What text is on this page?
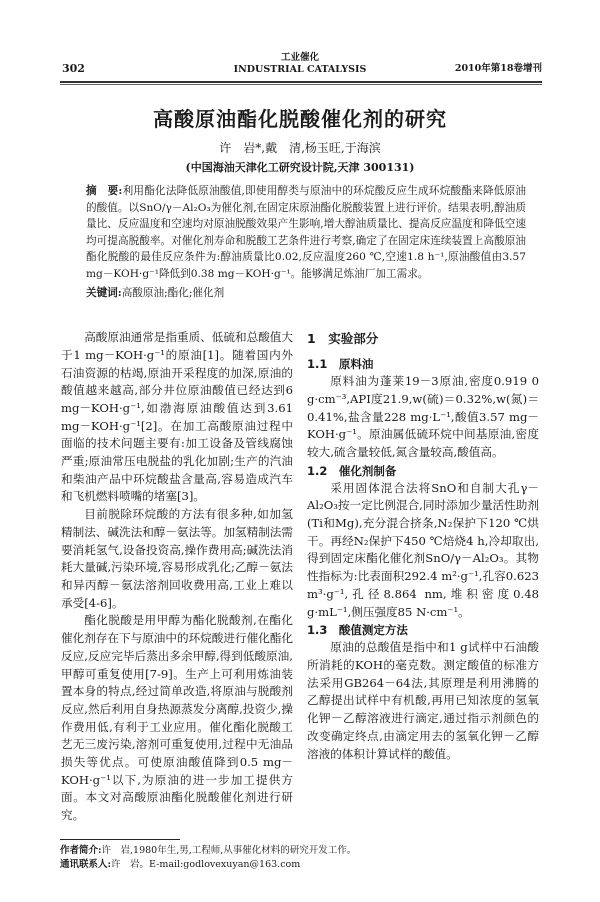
302
工业催化
INDUSTRIAL CATALYSIS	2010年第18卷增刊
高酸原油酯化脱酸催化剂的研究
许　岩*,戴　清,杨玉旺,于海滨
(中国海油天津化工研究设计院,天津 300131)
摘　要:利用酯化法降低原油酸值,即使用醇类与原油中的环烷酸反应生成环烷酸酯来降低原油的酸值。以SnO/γ－Al₂O₃为催化剂,在固定床原油酯化脱酸装置上进行评价。结果表明,醇油质量比、反应温度和空速均对原油脱酸效果产生影响,增大醇油质量比、提高反应温度和降低空速均可提高脱酸率。对催化剂寿命和脱酸工艺条件进行考察,确定了在固定床连续装置上高酸原油酯化脱酸的最佳反应条件为:醇油质量比0.02,反应温度260 ℃,空速1.8 h⁻¹,原油酸值由3.57 mg－KOH·g⁻¹降低到0.38 mg－KOH·g⁻¹。能够满足炼油厂加工需求。
关键词:高酸原油;酯化;催化剂

高酸原油通常是指重质、低硫和总酸值大于1 mg－KOH·g⁻¹的原油[1]。随着国内外石油资源的枯竭,原油开采程度的加深,原油的酸值越来越高,部分井位原油酸值已经达到6 mg－KOH·g⁻¹,如渤海原油酸值达到3.61 mg－KOH·g⁻¹[2]。在加工高酸原油过程中面临的技术问题主要有:加工设备及管线腐蚀严重;原油常压电脱盐的乳化加剧;生产的汽油和柴油产品中环烷酸盐含量高,容易造成汽车和飞机燃料喷嘴的堵塞[3]。

目前脱除环烷酸的方法有很多种,如加氢精制法、碱洗法和醇－氨法等。加氢精制法需要消耗氢气,设备投资高,操作费用高;碱洗法消耗大量碱,污染环境,容易形成乳化;乙醇－氨法和异丙醇－氨法溶剂回收费用高,工业上难以承受[4-6]。

酯化脱酸是用甲醇为酯化脱酸剂,在酯化催化剂存在下与原油中的环烷酸进行催化酯化反应,反应完毕后蒸出多余甲醇,得到低酸原油,甲醇可重复使用[7-9]。生产上可利用炼油装置本身的特点,经过简单改造,将原油与脱酸剂反应,然后利用自身热源蒸发分离醇,投资少,操作费用低,有利于工业应用。催化酯化脱酸工艺无三废污染,溶剂可重复使用,过程中无油品损失等优点。可使原油酸值降到0.5 mg－KOH·g⁻¹以下,为原油的进一步加工提供方面。本文对高酸原油酯化脱酸催化剂进行研究。

1　实验部分
1.1　原料油

原料油为蓬莱19－3原油,密度0.919 0 g·cm⁻³,API度21.9,w(硫)＝0.32%,w(氮)＝0.41%,盐含量228 mg·L⁻¹,酸值3.57 mg－KOH·g⁻¹。原油属低硫环烷中间基原油,密度较大,硫含量较低,氮含量较高,酸值高。

1.2　催化剂制备

采用固体混合法将SnO和自制大孔γ－Al₂O₃按一定比例混合,同时添加少量活性助剂(Ti和Mg),充分混合挤条,N₂保护下120 ℃烘干。再经N₂保护下450 ℃焙烧4 h,冷却取出,得到固定床酯化催化剂SnO/γ－Al₂O₃。其物性指标为:比表面积292.4 m²·g⁻¹,孔容0.623 m³·g⁻¹,孔径8.864 nm,堆积密度0.48 g·mL⁻¹,侧压强度85 N·cm⁻¹。

1.3　酸值测定方法

原油的总酸值是指中和1 g试样中石油酸所消耗的KOH的毫克数。测定酸值的标准方法采用GB264－64法,其原理是利用沸腾的乙醇提出试样中有机酸,再用已知浓度的氢氧化钾－乙醇溶液进行滴定,通过指示剂颜色的改变确定终点,由滴定用去的氢氧化钾－乙醇溶液的体积计算试样的酸值。

作者简介:许　岩,1980年生,男,工程师,从事催化材料的研究开发工作。
通讯联系人:许　岩。E-mail:godlovexuyan@163.com
